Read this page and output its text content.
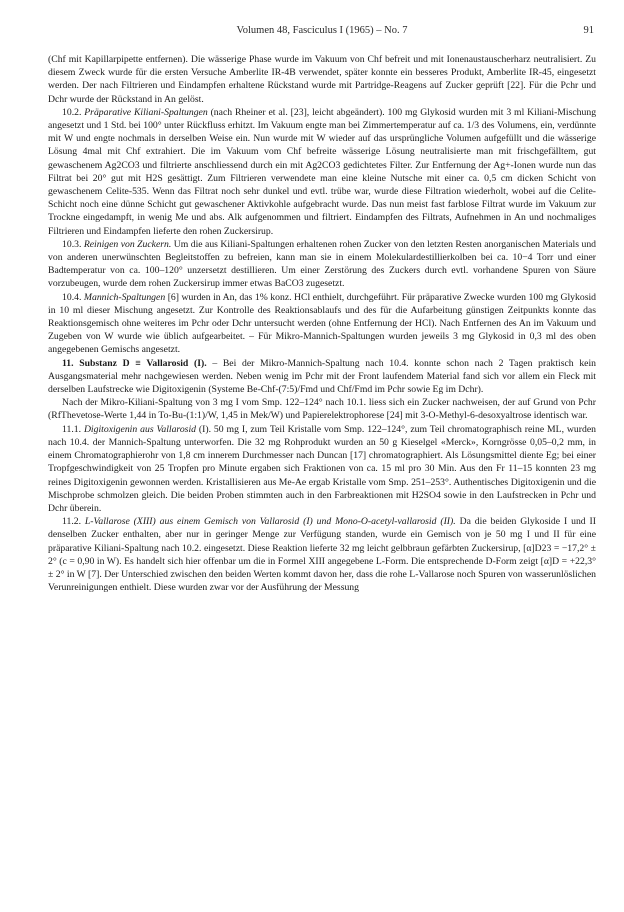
Volumen 48, Fasciculus I (1965) – No. 7	91

(Chf mit Kapillarpipette entfernen). Die wässerige Phase wurde im Vakuum von Chf befreit und mit Ionenaustauscherharz neutralisiert. Zu diesem Zweck wurde für die ersten Versuche Amberlite IR-4B verwendet, später konnte ein besseres Produkt, Amberlite IR-45, eingesetzt werden. Der nach Filtrieren und Eindampfen erhaltene Rückstand wurde mit Partridge-Reagens auf Zucker geprüft [22]. Für die Pchr und Dchr wurde der Rückstand in An gelöst.

10.2. Präparative Kiliani-Spaltungen (nach Rheiner et al. [23], leicht abgeändert). 100 mg Glykosid wurden mit 3 ml Kiliani-Mischung angesetzt und 1 Std. bei 100° unter Rückfluss erhitzt. Im Vakuum engte man bei Zimmertemperatur auf ca. 1/3 des Volumens, ein, verdünnte mit W und engte nochmals in derselben Weise ein. Nun wurde mit W wieder auf das ursprüngliche Volumen aufgefüllt und die wässerige Lösung 4mal mit Chf extrahiert. Die im Vakuum vom Chf befreite wässerige Lösung neutralisierte man mit frischgefälltem, gut gewaschenem Ag2CO3 und filtrierte anschliessend durch ein mit Ag2CO3 gedichtetes Filter. Zur Entfernung der Ag+-Ionen wurde nun das Filtrat bei 20° gut mit H2S gesättigt. Zum Filtrieren verwendete man eine kleine Nutsche mit einer ca. 0,5 cm dicken Schicht von gewaschenem Celite-535. Wenn das Filtrat noch sehr dunkel und evtl. trübe war, wurde diese Filtration wiederholt, wobei auf die Celite-Schicht noch eine dünne Schicht gut gewaschener Aktivkohle aufgebracht wurde. Das nun meist fast farblose Filtrat wurde im Vakuum zur Trockne eingedampft, in wenig Me und abs. Alk aufgenommen und filtriert. Eindampfen des Filtrats, Aufnehmen in An und nochmaliges Filtrieren und Eindampfen lieferte den rohen Zuckersirup.

10.3. Reinigen von Zuckern. Um die aus Kiliani-Spaltungen erhaltenen rohen Zucker von den letzten Resten anorganischen Materials und von anderen unerwünschten Begleitstoffen zu befreien, kann man sie in einem Molekulardestillierkolben bei ca. 10−4 Torr und einer Badtemperatur von ca. 100–120° unzersetzt destillieren. Um einer Zerstörung des Zuckers durch evtl. vorhandene Spuren von Säure vorzubeugen, wurde dem rohen Zuckersirup immer etwas BaCO3 zugesetzt.

10.4. Mannich-Spaltungen [6] wurden in An, das 1% konz. HCl enthielt, durchgeführt. Für präparative Zwecke wurden 100 mg Glykosid in 10 ml dieser Mischung angesetzt. Zur Kontrolle des Reaktionsablaufs und des für die Aufarbeitung günstigen Zeitpunkts konnte das Reaktionsgemisch ohne weiteres im Pchr oder Dchr untersucht werden (ohne Entfernung der HCl). Nach Entfernen des An im Vakuum und Zugeben von W wurde wie üblich aufgearbeitet. – Für Mikro-Mannich-Spaltungen wurden jeweils 3 mg Glykosid in 0,3 ml des oben angegebenen Gemischs angesetzt.

11. Substanz D ≡ Vallarosid (I). – Bei der Mikro-Mannich-Spaltung nach 10.4. konnte schon nach 2 Tagen praktisch kein Ausgangsmaterial mehr nachgewiesen werden. Neben wenig im Pchr mit der Front laufendem Material fand sich vor allem ein Fleck mit derselben Laufstrecke wie Digitoxigenin (Systeme Be-Chf-(7:5)/Fmd und Chf/Fmd im Pchr sowie Eg im Dchr).

Nach der Mikro-Kiliani-Spaltung von 3 mg I vom Smp. 122–124° nach 10.1. liess sich ein Zucker nachweisen, der auf Grund von Pchr (RfThevetose-Werte 1,44 in To-Bu-(1:1)/W, 1,45 in Mek/W) und Papierelektrophorese [24] mit 3-O-Methyl-6-desoxyaltrose identisch war.

11.1. Digitoxigenin aus Vallarosid (I). 50 mg I, zum Teil Kristalle vom Smp. 122–124°, zum Teil chromatographisch reine ML, wurden nach 10.4. der Mannich-Spaltung unterworfen. Die 32 mg Rohprodukt wurden an 50 g Kieselgel «Merck», Korngrösse 0,05–0,2 mm, in einem Chromatographierohr von 1,8 cm innerem Durchmesser nach Duncan [17] chromatographiert. Als Lösungsmittel diente Eg; bei einer Tropfgeschwindigkeit von 25 Tropfen pro Minute ergaben sich Fraktionen von ca. 15 ml pro 30 Min. Aus den Fr 11–15 konnten 23 mg reines Digitoxigenin gewonnen werden. Kristallisieren aus Me-Ae ergab Kristalle vom Smp. 251–253°. Authentisches Digitoxigenin und die Mischprobe schmolzen gleich. Die beiden Proben stimmten auch in den Farbreaktionen mit H2SO4 sowie in den Laufstrecken in Pchr und Dchr überein.

11.2. L-Vallarose (XIII) aus einem Gemisch von Vallarosid (I) und Mono-O-acetyl-vallarosid (II). Da die beiden Glykoside I und II denselben Zucker enthalten, aber nur in geringer Menge zur Verfügung standen, wurde ein Gemisch von je 50 mg I und II für eine präparative Kiliani-Spaltung nach 10.2. eingesetzt. Diese Reaktion lieferte 32 mg leicht gelbbraun gefärbten Zuckersirup, [α]D23 = −17,2° ± 2° (c = 0,90 in W). Es handelt sich hier offenbar um die in Formel XIII angegebene L-Form. Die entsprechende D-Form zeigt [α]D = +22,3° ± 2° in W [7]. Der Unterschied zwischen den beiden Werten kommt davon her, dass die rohe L-Vallarose noch Spuren von wasserunlöslichen Verunreinigungen enthielt. Diese wurden zwar vor der Ausführung der Messung
